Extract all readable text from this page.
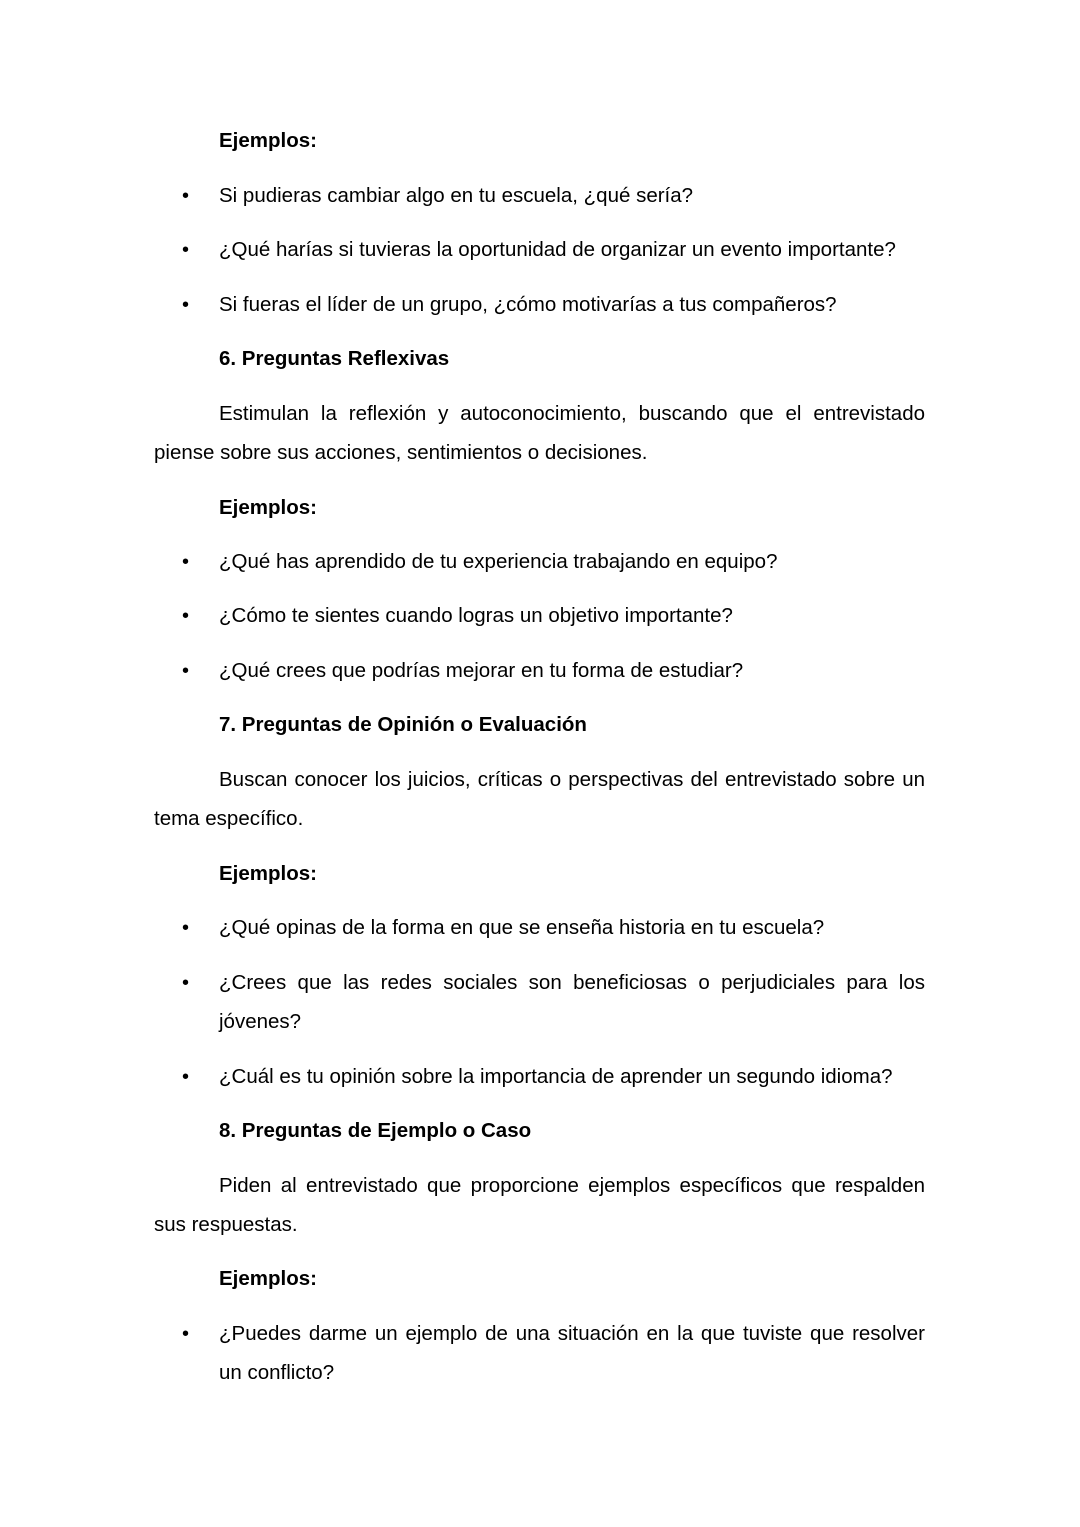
Ejemplos:
•	Si pudieras cambiar algo en tu escuela, ¿qué sería?
•	¿Qué harías si tuvieras la oportunidad de organizar un evento importante?
•	Si fueras el líder de un grupo, ¿cómo motivarías a tus compañeros?
6. Preguntas Reflexivas
Estimulan la reflexión y autoconocimiento, buscando que el entrevistado
piense sobre sus acciones, sentimientos o decisiones.
Ejemplos:
•	¿Qué has aprendido de tu experiencia trabajando en equipo?
•	¿Cómo te sientes cuando logras un objetivo importante?
•	¿Qué crees que podrías mejorar en tu forma de estudiar?
7. Preguntas de Opinión o Evaluación
Buscan conocer los juicios, críticas o perspectivas del entrevistado sobre un
tema específico.
Ejemplos:
•	¿Qué opinas de la forma en que se enseña historia en tu escuela?
•	¿Crees que las redes sociales son beneficiosas o perjudiciales para los
jóvenes?
•	¿Cuál es tu opinión sobre la importancia de aprender un segundo idioma?
8. Preguntas de Ejemplo o Caso
Piden al entrevistado que proporcione ejemplos específicos que respalden
sus respuestas.
Ejemplos:
•	¿Puedes darme un ejemplo de una situación en la que tuviste que resolver
un conflicto?
